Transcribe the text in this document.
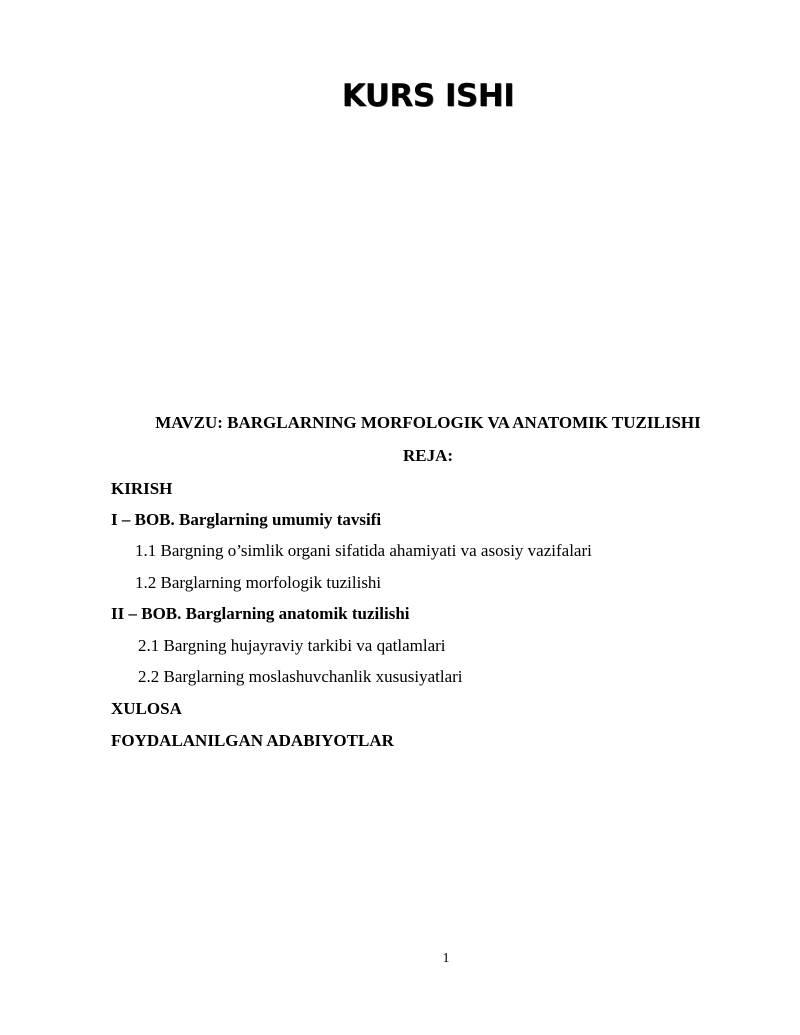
KURS ISHI

MAVZU: BARGLARNING MORFOLOGIK VA ANATOMIK TUZILISHI

REJA:

KIRISH
I – BOB. Barglarning umumiy tavsifi
1.1 Bargning o’simlik organi sifatida ahamiyati va asosiy vazifalari
1.2 Barglarning morfologik tuzilishi
II – BOB. Barglarning anatomik tuzilishi
2.1 Bargning hujayraviy tarkibi va qatlamlari
2.2 Barglarning moslashuvchanlik xususiyatlari
XULOSA
FOYDALANILGAN ADABIYOTLAR
1
